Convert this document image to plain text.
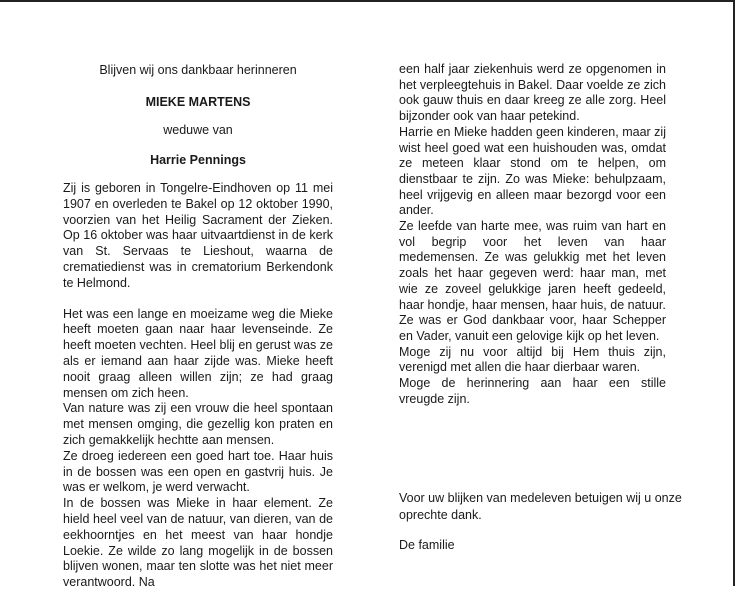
Blijven wij ons dankbaar herinneren
MIEKE MARTENS
weduwe van
Harrie Pennings

Zij is geboren in Tongelre-Eindhoven op 11 mei 1907 en overleden te Bakel op 12 oktober 1990, voorzien van het Heilig Sacrament der Zieken. Op 16 oktober was haar uitvaartdienst in de kerk van St. Servaas te Lieshout, waarna de crematiedienst was in crematorium Berkendonk te Helmond.

Het was een lange en moeizame weg die Mieke heeft moeten gaan naar haar levenseinde. Ze heeft moeten vechten. Heel blij en gerust was ze als er iemand aan haar zijde was. Mieke heeft nooit graag alleen willen zijn; ze had graag mensen om zich heen.

Van nature was zij een vrouw die heel spontaan met mensen omging, die gezellig kon praten en zich gemakkelijk hechtte aan mensen.

Ze droeg iedereen een goed hart toe. Haar huis in de bossen was een open en gastvrij huis. Je was er welkom, je werd verwacht.

In de bossen was Mieke in haar element. Ze hield heel veel van de natuur, van dieren, van de eekhoorntjes en het meest van haar hondje Loekie. Ze wilde zo lang mogelijk in de bossen blijven wonen, maar ten slotte was het niet meer verantwoord. Na

een half jaar ziekenhuis werd ze opgenomen in het verpleegtehuis in Bakel. Daar voelde ze zich ook gauw thuis en daar kreeg ze alle zorg. Heel bijzonder ook van haar petekind.

Harrie en Mieke hadden geen kinderen, maar zij wist heel goed wat een huishouden was, omdat ze meteen klaar stond om te helpen, om dienstbaar te zijn. Zo was Mieke: behulpzaam, heel vrijgevig en alleen maar bezorgd voor een ander.

Ze leefde van harte mee, was ruim van hart en vol begrip voor het leven van haar medemensen. Ze was gelukkig met het leven zoals het haar gegeven werd: haar man, met wie ze zoveel gelukkige jaren heeft gedeeld, haar hondje, haar mensen, haar huis, de natuur.

Ze was er God dankbaar voor, haar Schepper en Vader, vanuit een gelovige kijk op het leven.

Moge zij nu voor altijd bij Hem thuis zijn, verenigd met allen die haar dierbaar waren.

Moge de herinnering aan haar een stille vreugde zijn.

Voor uw blijken van medeleven betuigen wij u onze oprechte dank.
De familie
